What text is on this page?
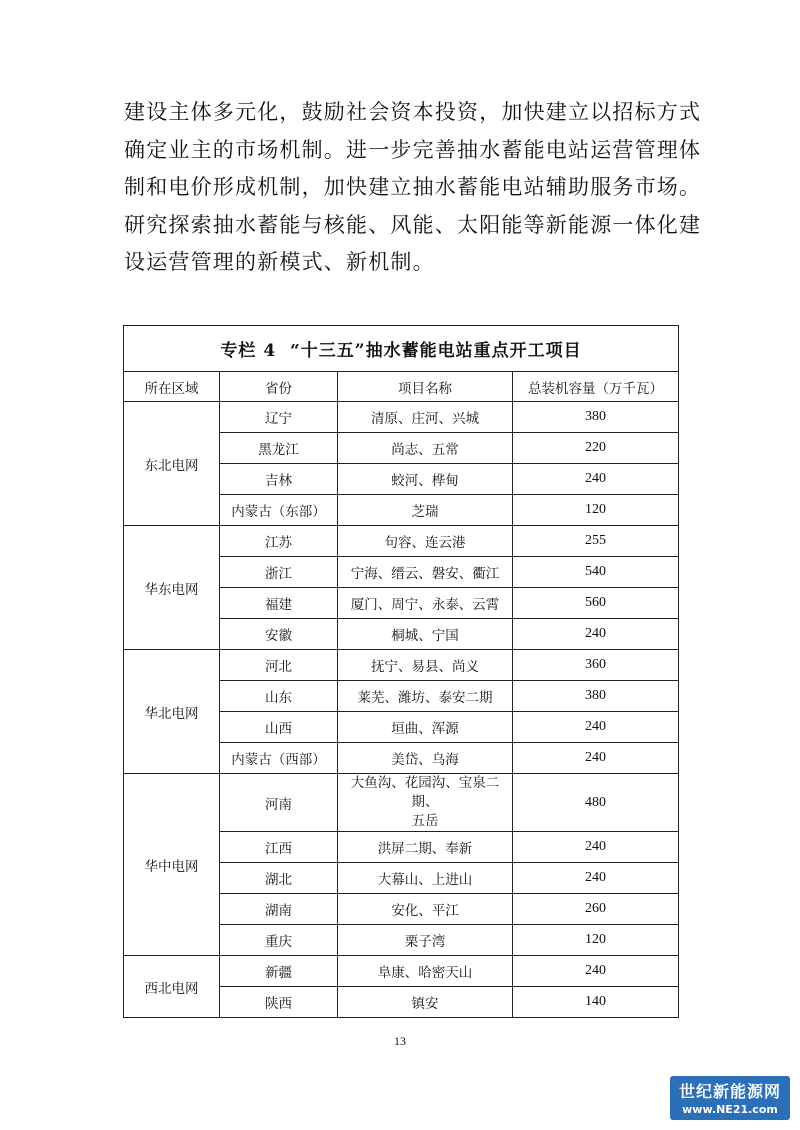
建设主体多元化，鼓励社会资本投资，加快建立以招标方式

确定业主的市场机制。进一步完善抽水蓄能电站运营管理体

制和电价形成机制，加快建立抽水蓄能电站辅助服务市场。

研究探索抽水蓄能与核能、风能、太阳能等新能源一体化建

设运营管理的新模式、新机制。

专栏 4  “十三五”抽水蓄能电站重点开工项目			
所在区域	省份	项目名称	总装机容量（万千瓦）
东北电网	辽宁	清原、庄河、兴城	380
	黑龙江	尚志、五常	220
	吉林	蛟河、桦甸	240
	内蒙古（东部）	芝瑞	120
华东电网	江苏	句容、连云港	255
	浙江	宁海、缙云、磐安、衢江	540
	福建	厦门、周宁、永泰、云霄	560
	安徽	桐城、宁国	240
华北电网	河北	抚宁、易县、尚义	360
	山东	莱芜、潍坊、泰安二期	380
	山西	垣曲、浑源	240
	内蒙古（西部）	美岱、乌海	240
华中电网	河南	大鱼沟、花园沟、宝泉二期、
五岳	480
	江西	洪屏二期、奉新	240
	湖北	大幕山、上进山	240
	湖南	安化、平江	260
	重庆	栗子湾	120
西北电网	新疆	阜康、哈密天山	240
	陕西	镇安	140
13
世纪新能源网
www.NE21.com
